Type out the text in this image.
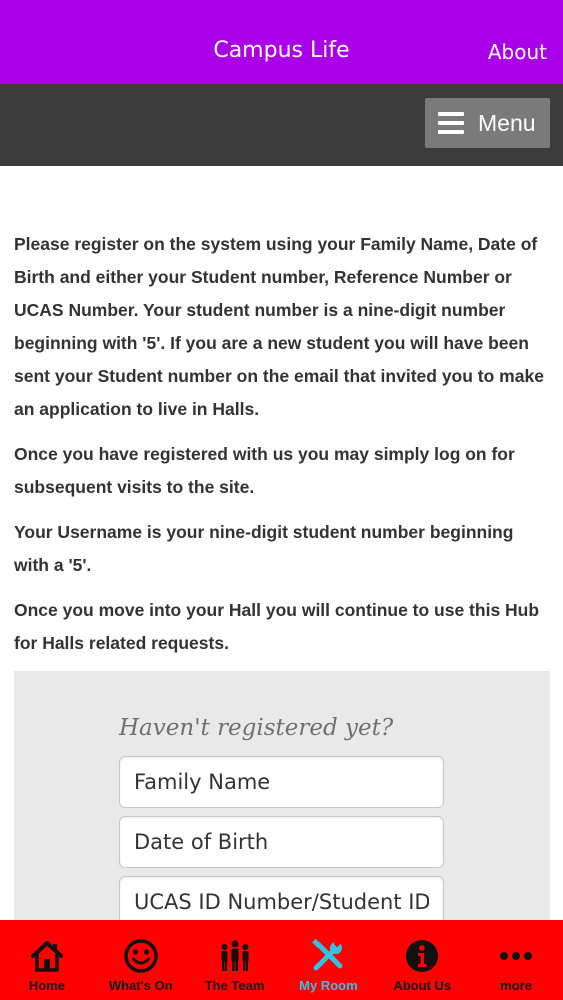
Campus Life	About
Menu

Please register on the system using your Family Name, Date of Birth and either your Student number, Reference Number or UCAS Number. Your student number is a nine-digit number beginning with '5'. If you are a new student you will have been sent your Student number on the email that invited you to make an application to live in Halls.

Once you have registered with us you may simply log on for subsequent visits to the site.

Your Username is your nine-digit student number beginning with a '5'.

Once you move into your Hall you will continue to use this Hub for Halls related requests.

Haven't registered yet?
Family Name
Date of Birth
UCAS ID Number/Student ID
Home	What's On The Team	My Room	About Us	more
